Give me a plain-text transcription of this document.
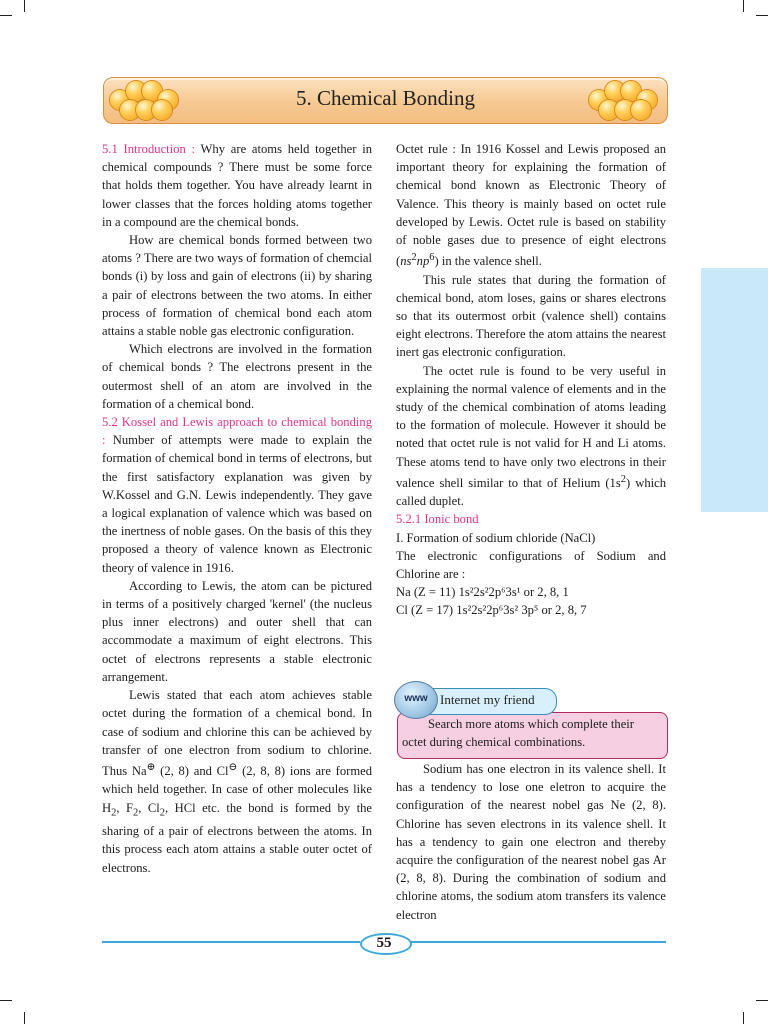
5. Chemical Bonding

5.1 Introduction : Why are atoms held together in chemical compounds ? There must be some force that holds them together. You have already learnt in lower classes that the forces holding atoms together in a compound are the chemical bonds.

How are chemical bonds formed between two atoms ? There are two ways of formation of chemcial bonds (i) by loss and gain of electrons (ii) by sharing a pair of electrons between the two atoms. In either process of formation of chemical bond each atom attains a stable noble gas electronic configuration.

Which electrons are involved in the formation of chemical bonds ? The electrons present in the outermost shell of an atom are involved in the formation of a chemical bond.

5.2 Kossel and Lewis approach to chemical bonding : Number of attempts were made to explain the formation of chemical bond in terms of electrons, but the first satisfactory explanation was given by W.Kossel and G.N. Lewis independently. They gave a logical explanation of valence which was based on the inertness of noble gases. On the basis of this they proposed a theory of valence known as Electronic theory of valence in 1916.

According to Lewis, the atom can be pictured in terms of a positively charged 'kernel' (the nucleus plus inner electrons) and outer shell that can accommodate a maximum of eight electrons. This octet of electrons represents a stable electronic arrangement.

Lewis stated that each atom achieves stable octet during the formation of a chemical bond. In case of sodium and chlorine this can be achieved by transfer of one electron from sodium to chlorine. Thus Na⊕ (2, 8) and Cl⊖ (2, 8, 8) ions are formed which held together. In case of other molecules like $H_2$, $F_2$, $Cl_2$, HCl etc. the bond is formed by the sharing of a pair of electrons between the atoms. In this process each atom attains a stable outer octet of electrons.

Octet rule : In 1916 Kossel and Lewis proposed an important theory for explaining the formation of chemical bond known as Electronic Theory of Valence. This theory is mainly based on octet rule developed by Lewis. Octet rule is based on stability of noble gases due to presence of eight electrons $(ns^2np^6)$ in the valence shell.

This rule states that during the formation of chemical bond, atom loses, gains or shares electrons so that its outermost orbit (valence shell) contains eight electrons. Therefore the atom attains the nearest inert gas electronic configuration.

The octet rule is found to be very useful in explaining the normal valence of elements and in the study of the chemical combination of atoms leading to the formation of molecule. However it should be noted that octet rule is not valid for H and Li atoms. These atoms tend to have only two electrons in their valence shell similar to that of Helium $(1s^2)$ which called duplet.

5.2.1 Ionic bond

I. Formation of sodium chloride (NaCl)

The electronic configurations of Sodium and Chlorine are :

Na (Z = 11) 1s²2s²2p⁶3s¹ or 2, 8, 1

Cl (Z = 17) 1s²2s²2p⁶3s² 3p⁵ or 2, 8, 7

Internet my friend
www
Search more atoms which complete their octet during chemical combinations.
Sodium has one electron in its valence shell. It has a tendency to lose one eletron to acquire the configuration of the nearest nobel gas Ne (2, 8). Chlorine has seven electrons in its valence shell. It has a tendency to gain one electron and thereby acquire the configuration of the nearest nobel gas Ar (2, 8, 8). During the combination of sodium and chlorine atoms, the sodium atom transfers its valence electron
55
